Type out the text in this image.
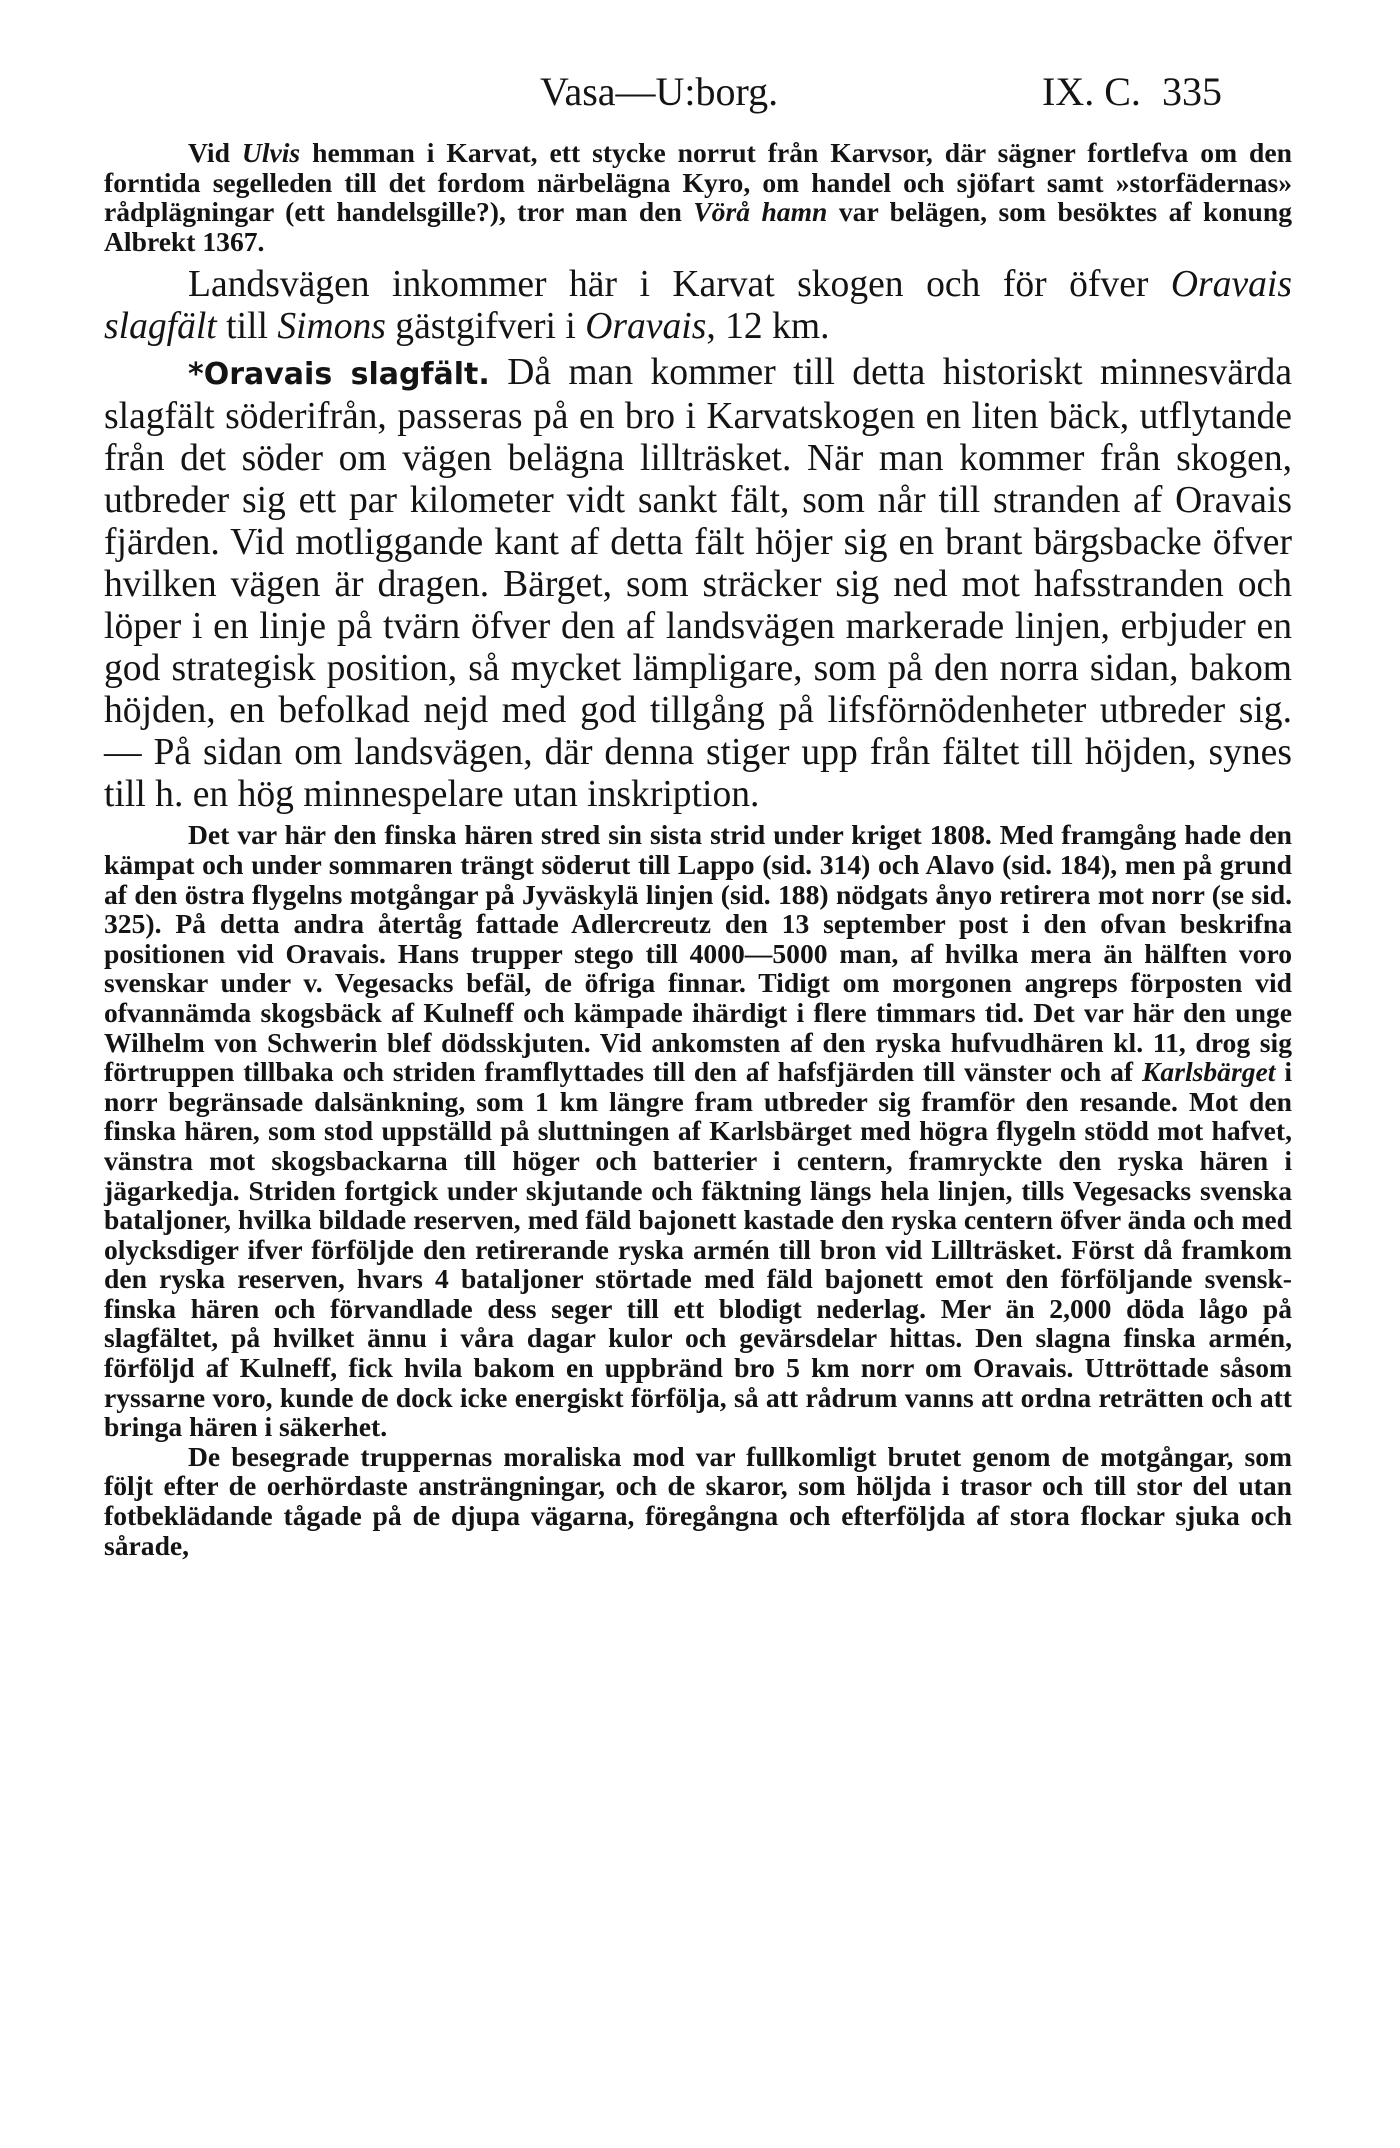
Vasa—U:borg.	IX. C. 335

Vid Ulvis hemman i Karvat, ett stycke norrut från Karvsor, där sägner fortlefva om den forntida segelleden till det fordom närbelägna Kyro, om handel och sjöfart samt »storfädernas» rådplägningar (ett handelsgille?), tror man den Vörå hamn var belägen, som besöktes af konung Albrekt 1367.

Landsvägen inkommer här i Karvat skogen och för öfver Oravais slagfält till Simons gästgifveri i Oravais, 12 km.

*Oravais slagfält. Då man kommer till detta historiskt minnesvärda slagfält söderifrån, passeras på en bro i Karvatskogen en liten bäck, utflytande från det söder om vägen belägna lillträsket. När man kommer från skogen, utbreder sig ett par kilometer vidt sankt fält, som når till stranden af Oravais fjärden. Vid motliggande kant af detta fält höjer sig en brant bärgsbacke öfver hvilken vägen är dragen. Bärget, som sträcker sig ned mot hafsstranden och löper i en linje på tvärn öfver den af landsvägen markerade linjen, erbjuder en god strategisk position, så mycket lämpligare, som på den norra sidan, bakom höjden, en befolkad nejd med god tillgång på lifsförnödenheter utbreder sig. — På sidan om landsvägen, där denna stiger upp från fältet till höjden, synes till h. en hög minnespelare utan inskription.

Det var här den finska hären stred sin sista strid under kriget 1808. Med framgång hade den kämpat och under sommaren trängt söderut till Lappo (sid. 314) och Alavo (sid. 184), men på grund af den östra flygelns motgångar på Jyväskylä linjen (sid. 188) nödgats ånyo retirera mot norr (se sid. 325). På detta andra återtåg fattade Adlercreutz den 13 september post i den ofvan beskrifna positionen vid Oravais. Hans trupper stego till 4000—5000 man, af hvilka mera än hälften voro svenskar under v. Vegesacks befäl, de öfriga finnar. Tidigt om morgonen angreps förposten vid ofvannämda skogsbäck af Kulneff och kämpade ihärdigt i flere timmars tid. Det var här den unge Wilhelm von Schwerin blef dödsskjuten. Vid ankomsten af den ryska hufvudhären kl. 11, drog sig förtruppen tillbaka och striden framflyttades till den af hafsfjärden till vänster och af Karlsbärget i norr begränsade dalsänkning, som 1 km längre fram utbreder sig framför den resande. Mot den finska hären, som stod uppställd på sluttningen af Karlsbärget med högra flygeln stödd mot hafvet, vänstra mot skogsbackarna till höger och batterier i centern, framryckte den ryska hären i jägarkedja. Striden fortgick under skjutande och fäktning längs hela linjen, tills Vegesacks svenska bataljoner, hvilka bildade reserven, med fäld bajonett kastade den ryska centern öfver ända och med olycksdiger ifver förföljde den retirerande ryska armén till bron vid Lillträsket. Först då framkom den ryska reserven, hvars 4 bataljoner störtade med fäld bajonett emot den förföljande svensk-finska hären och förvandlade dess seger till ett blodigt nederlag. Mer än 2,000 döda lågo på slagfältet, på hvilket ännu i våra dagar kulor och gevärsdelar hittas. Den slagna finska armén, förföljd af Kulneff, fick hvila bakom en uppbränd bro 5 km norr om Oravais. Uttröttade såsom ryssarne voro, kunde de dock icke energiskt förfölja, så att rådrum vanns att ordna reträtten och att bringa hären i säkerhet.

De besegrade truppernas moraliska mod var fullkomligt brutet genom de motgångar, som följt efter de oerhördaste ansträngningar, och de skaror, som höljda i trasor och till stor del utan fotbeklädande tågade på de djupa vägarna, föregångna och efterföljda af stora flockar sjuka och sårade,
